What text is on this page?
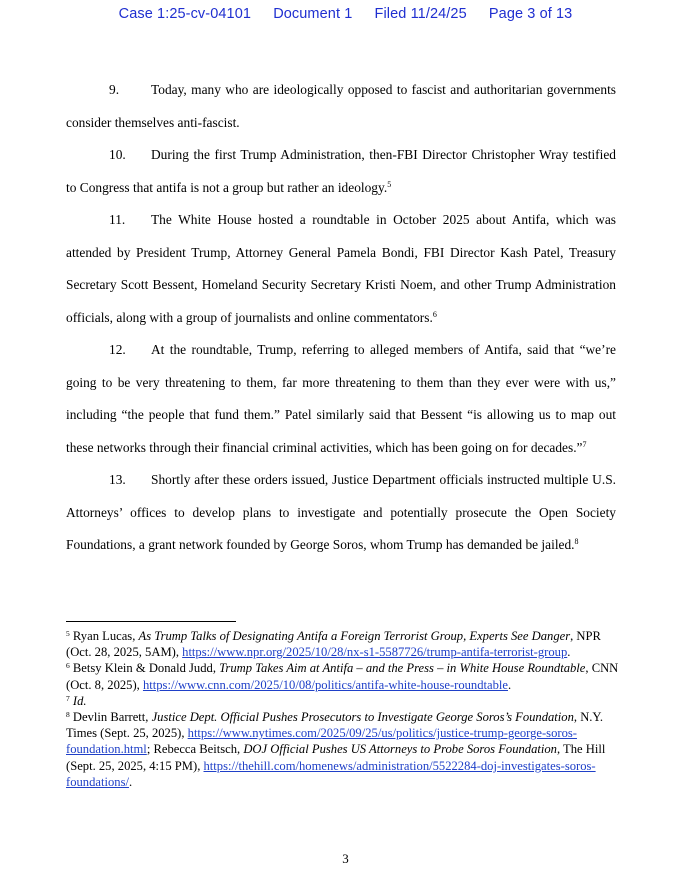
Case 1:25-cv-04101 Document 1 Filed 11/24/25 Page 3 of 13

9. Today, many who are ideologically opposed to fascist and authoritarian governments consider themselves anti-fascist.

10. During the first Trump Administration, then-FBI Director Christopher Wray testified to Congress that antifa is not a group but rather an ideology.$^5$

11. The White House hosted a roundtable in October 2025 about Antifa, which was attended by President Trump, Attorney General Pamela Bondi, FBI Director Kash Patel, Treasury Secretary Scott Bessent, Homeland Security Secretary Kristi Noem, and other Trump Administration officials, along with a group of journalists and online commentators.$^6$

12. At the roundtable, Trump, referring to alleged members of Antifa, said that “we’re going to be very threatening to them, far more threatening to them than they ever were with us,” including “the people that fund them.” Patel similarly said that Bessent “is allowing us to map out these networks through their financial criminal activities, which has been going on for decades.”$^7$

13. Shortly after these orders issued, Justice Department officials instructed multiple U.S. Attorneys’ offices to develop plans to investigate and potentially prosecute the Open Society Foundations, a grant network founded by George Soros, whom Trump has demanded be jailed.$^8$

$^5$ Ryan Lucas, As Trump Talks of Designating Antifa a Foreign Terrorist Group, Experts See Danger, NPR (Oct. 28, 2025, 5AM), https://www.npr.org/2025/10/28/nx-s1-5587726/trump-antifa-terrorist-group.

$^6$ Betsy Klein & Donald Judd, Trump Takes Aim at Antifa – and the Press – in White House Roundtable, CNN (Oct. 8, 2025), https://www.cnn.com/2025/10/08/politics/antifa-white-house-roundtable.

$^7$ Id.

$^8$ Devlin Barrett, Justice Dept. Official Pushes Prosecutors to Investigate George Soros’s Foundation, N.Y. Times (Sept. 25, 2025), https://www.nytimes.com/2025/09/25/us/politics/justice-trump-george-soros-foundation.html; Rebecca Beitsch, DOJ Official Pushes US Attorneys to Probe Soros Foundation, The Hill (Sept. 25, 2025, 4:15 PM), https://thehill.com/homenews/administration/5522284-doj-investigates-soros-foundations/.

3
